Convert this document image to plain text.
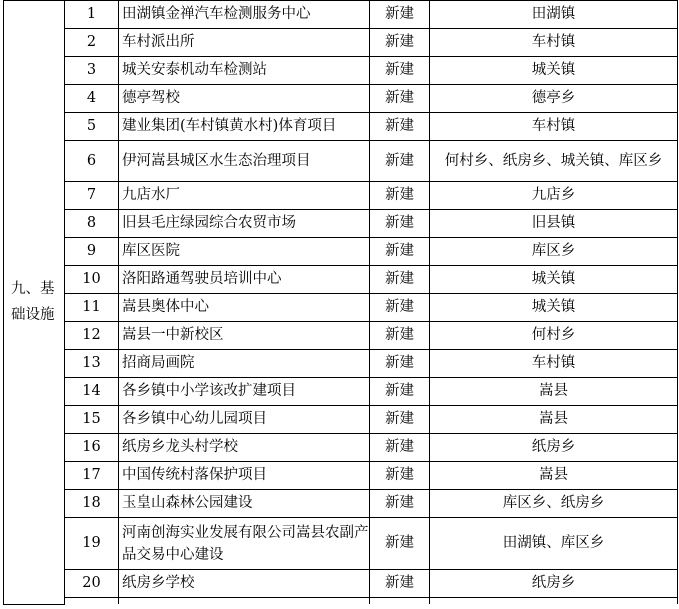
九、基
础设施	1	田湖镇金禅汽车检测服务中心	新建	田湖镇
	2	车村派出所	新建	车村镇
	3	城关安泰机动车检测站	新建	城关镇
	4	德亭驾校	新建	德亭乡
	5	建业集团(车村镇黄水村)体育项目	新建	车村镇
	6	伊河嵩县城区水生态治理项目	新建	何村乡、纸房乡、城关镇、库区乡
	7	九店水厂	新建	九店乡
	8	旧县毛庄绿园综合农贸市场	新建	旧县镇
	9	库区医院	新建	库区乡
	10	洛阳路通驾驶员培训中心	新建	城关镇
	11	嵩县奥体中心	新建	城关镇
	12	嵩县一中新校区	新建	何村乡
	13	招商局画院	新建	车村镇
	14	各乡镇中小学该改扩建项目	新建	嵩县
	15	各乡镇中心幼儿园项目	新建	嵩县
	16	纸房乡龙头村学校	新建	纸房乡
	17	中国传统村落保护项目	新建	嵩县
	18	玉皇山森林公园建设	新建	库区乡、纸房乡
	19	河南创海实业发展有限公司嵩县农副产品交易中心建设	新建	田湖镇、库区乡
	20	纸房乡学校	新建	纸房乡
